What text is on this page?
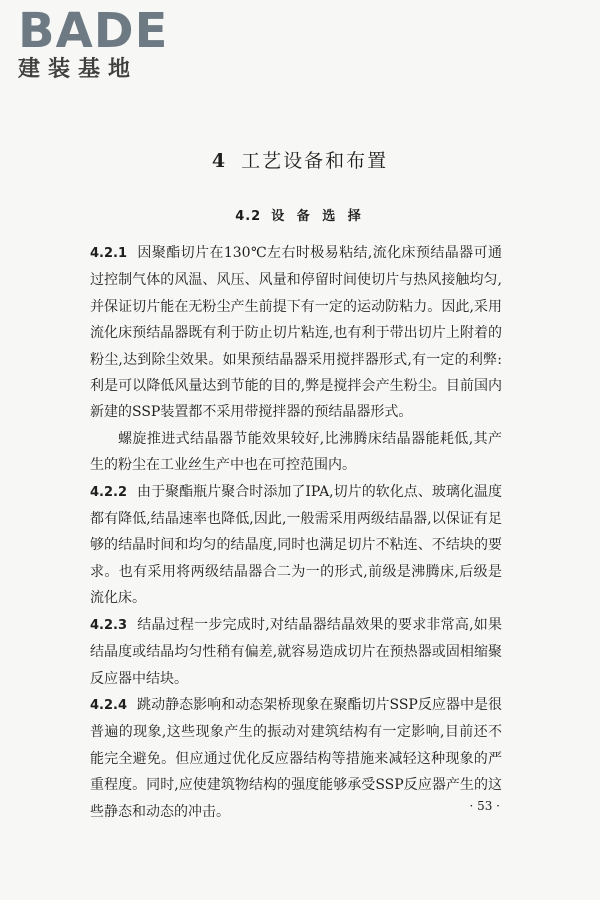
BADE
建装基地
4 工艺设备和布置
4.2 设 备 选 择

4.2.1 因聚酯切片在130℃左右时极易粘结,流化床预结晶器可通过控制气体的风温、风压、风量和停留时间使切片与热风接触均匀,并保证切片能在无粉尘产生前提下有一定的运动防粘力。因此,采用流化床预结晶器既有利于防止切片粘连,也有利于带出切片上附着的粉尘,达到除尘效果。如果预结晶器采用搅拌器形式,有一定的利弊:利是可以降低风量达到节能的目的,弊是搅拌会产生粉尘。目前国内新建的SSP装置都不采用带搅拌器的预结晶器形式。

螺旋推进式结晶器节能效果较好,比沸腾床结晶器能耗低,其产生的粉尘在工业丝生产中也在可控范围内。

4.2.2 由于聚酯瓶片聚合时添加了IPA,切片的软化点、玻璃化温度都有降低,结晶速率也降低,因此,一般需采用两级结晶器,以保证有足够的结晶时间和均匀的结晶度,同时也满足切片不粘连、不结块的要求。也有采用将两级结晶器合二为一的形式,前级是沸腾床,后级是流化床。

4.2.3 结晶过程一步完成时,对结晶器结晶效果的要求非常高,如果结晶度或结晶均匀性稍有偏差,就容易造成切片在预热器或固相缩聚反应器中结块。

4.2.4 跳动静态影响和动态架桥现象在聚酯切片SSP反应器中是很普遍的现象,这些现象产生的振动对建筑结构有一定影响,目前还不能完全避免。但应通过优化反应器结构等措施来减轻这种现象的严重程度。同时,应使建筑物结构的强度能够承受SSP反应器产生的这些静态和动态的冲击。	· 53 ·
